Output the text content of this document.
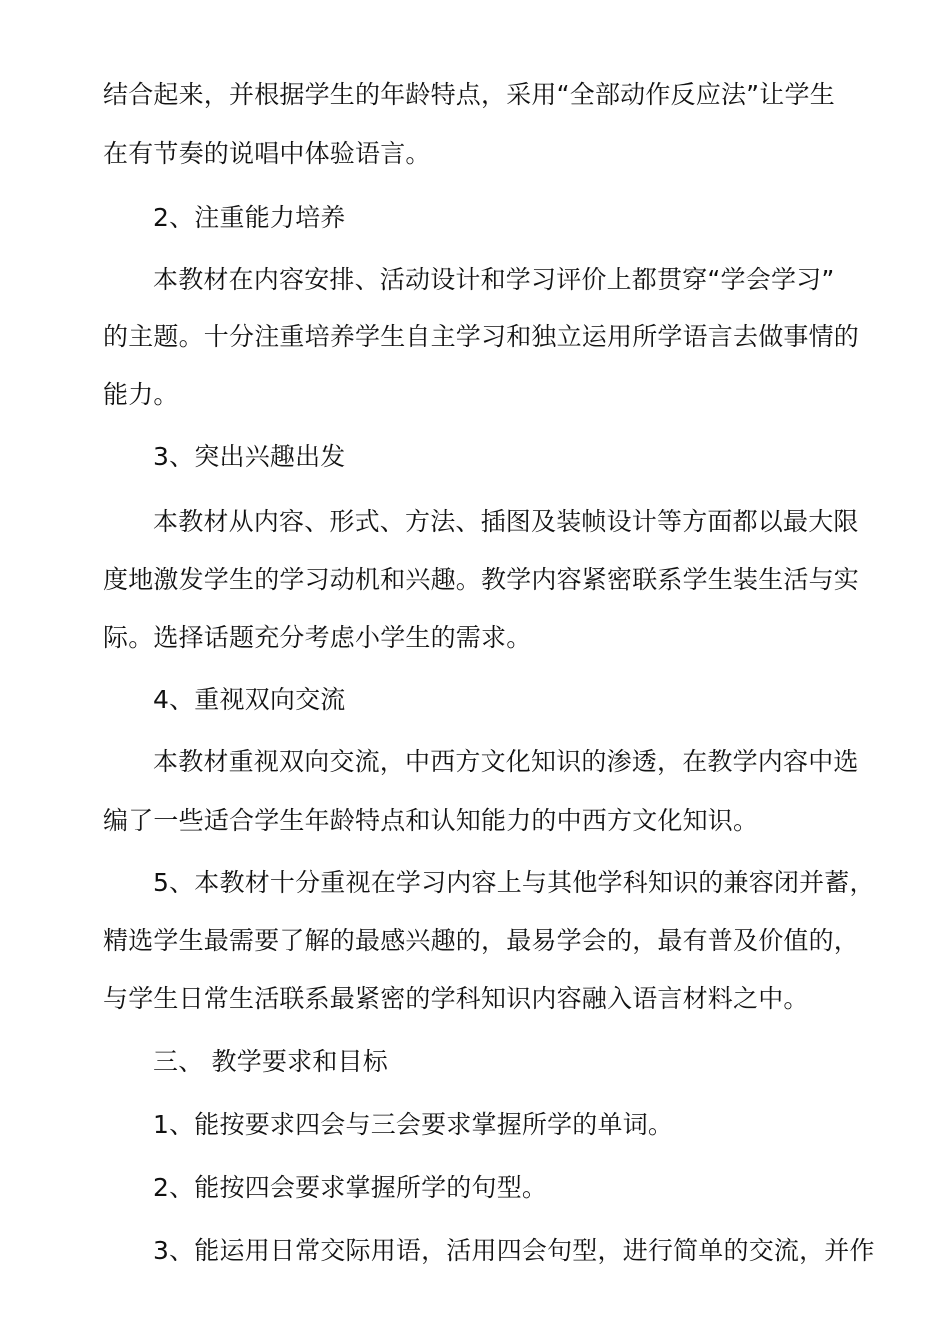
结合起来，并根据学生的年龄特点，采用“全部动作反应法”让学生
在有节奏的说唱中体验语言。
2、注重能力培养
本教材在内容安排、活动设计和学习评价上都贯穿“学会学习”
的主题。十分注重培养学生自主学习和独立运用所学语言去做事情的
能力。
3、突出兴趣出发
本教材从内容、形式、方法、插图及装帧设计等方面都以最大限
度地激发学生的学习动机和兴趣。教学内容紧密联系学生装生活与实
际。选择话题充分考虑小学生的需求。
4、重视双向交流
本教材重视双向交流，中西方文化知识的渗透，在教学内容中选
编了一些适合学生年龄特点和认知能力的中西方文化知识。
5、本教材十分重视在学习内容上与其他学科知识的兼容闭并蓄，
精选学生最需要了解的最感兴趣的，最易学会的，最有普及价值的，
与学生日常生活联系最紧密的学科知识内容融入语言材料之中。
三、 教学要求和目标
1、能按要求四会与三会要求掌握所学的单词。
2、能按四会要求掌握所学的句型。
3、能运用日常交际用语，活用四会句型，进行简单的交流，并作
